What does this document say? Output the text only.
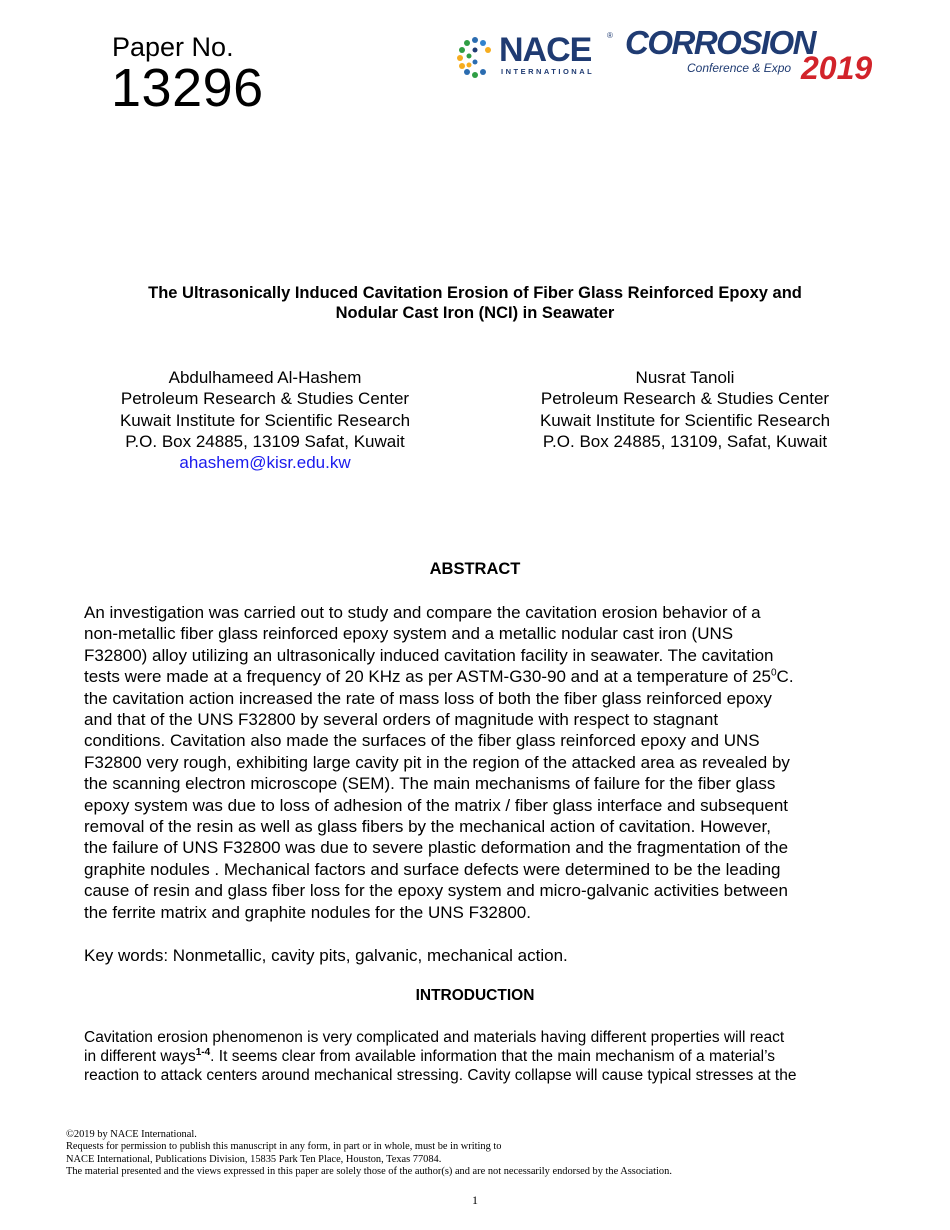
Paper No.
13296
NACE ®
INTERNATIONAL
CORROSION
Conference & Expo 2019
The Ultrasonically Induced Cavitation Erosion of Fiber Glass Reinforced Epoxy and
Nodular Cast Iron (NCI) in Seawater
Abdulhameed Al-Hashem
Petroleum Research & Studies Center
Kuwait Institute for Scientific Research
P.O. Box 24885, 13109 Safat, Kuwait
ahashem@kisr.edu.kw
Nusrat Tanoli
Petroleum Research & Studies Center
Kuwait Institute for Scientific Research
P.O. Box 24885, 13109, Safat, Kuwait
ABSTRACT
An investigation was carried out to study and compare the cavitation erosion behavior of a
non-metallic fiber glass reinforced epoxy system and a metallic nodular cast iron (UNS
F32800) alloy utilizing an ultrasonically induced cavitation facility in seawater. The cavitation
tests were made at a frequency of 20 KHz as per ASTM-G30-90 and at a temperature of $25^0C$.
the cavitation action increased the rate of mass loss of both the fiber glass reinforced epoxy
and that of the UNS F32800 by several orders of magnitude with respect to stagnant
conditions. Cavitation also made the surfaces of the fiber glass reinforced epoxy and UNS
F32800 very rough, exhibiting large cavity pit in the region of the attacked area as revealed by
the scanning electron microscope (SEM). The main mechanisms of failure for the fiber glass
epoxy system was due to loss of adhesion of the matrix / fiber glass interface and subsequent
removal of the resin as well as glass fibers by the mechanical action of cavitation. However,
the failure of UNS F32800 was due to severe plastic deformation and the fragmentation of the
graphite nodules . Mechanical factors and surface defects were determined to be the leading
cause of resin and glass fiber loss for the epoxy system and micro-galvanic activities between
the ferrite matrix and graphite nodules for the UNS F32800.
Key words: Nonmetallic, cavity pits, galvanic, mechanical action.
INTRODUCTION
Cavitation erosion phenomenon is very complicated and materials having different properties will react
in different ways$^{1-4}$. It seems clear from available information that the main mechanism of a material’s
reaction to attack centers around mechanical stressing. Cavity collapse will cause typical stresses at the
©2019 by NACE International.
Requests for permission to publish this manuscript in any form, in part or in whole, must be in writing to
NACE International, Publications Division, 15835 Park Ten Place, Houston, Texas 77084.
The material presented and the views expressed in this paper are solely those of the author(s) and are not necessarily endorsed by the Association.
1
